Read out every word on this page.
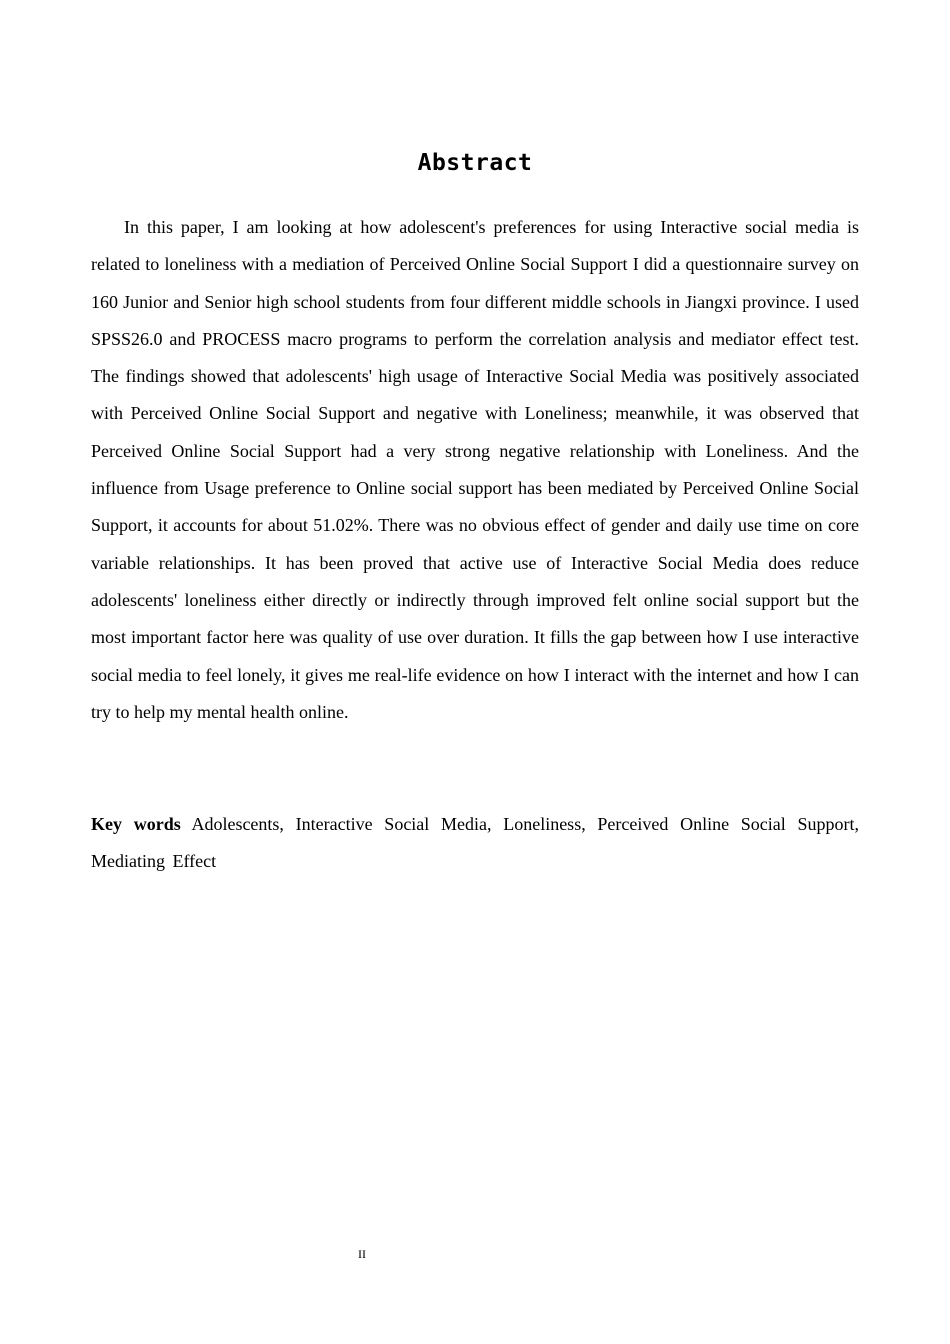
Abstract

In this paper, I am looking at how adolescent's preferences for using Interactive social media is related to loneliness with a mediation of Perceived Online Social Support I did a questionnaire survey on 160 Junior and Senior high school students from four different middle schools in Jiangxi province. I used SPSS26.0 and PROCESS macro programs to perform the correlation analysis and mediator effect test. The findings showed that adolescents' high usage of Interactive Social Media was positively associated with Perceived Online Social Support and negative with Loneliness; meanwhile, it was observed that Perceived Online Social Support had a very strong negative relationship with Loneliness. And the influence from Usage preference to Online social support has been mediated by Perceived Online Social Support, it accounts for about 51.02%. There was no obvious effect of gender and daily use time on core variable relationships. It has been proved that active use of Interactive Social Media does reduce adolescents' loneliness either directly or indirectly through improved felt online social support but the most important factor here was quality of use over duration. It fills the gap between how I use interactive social media to feel lonely, it gives me real-life evidence on how I interact with the internet and how I can try to help my mental health online.

Key words Adolescents, Interactive Social Media, Loneliness, Perceived Online Social Support, Mediating Effect

II
